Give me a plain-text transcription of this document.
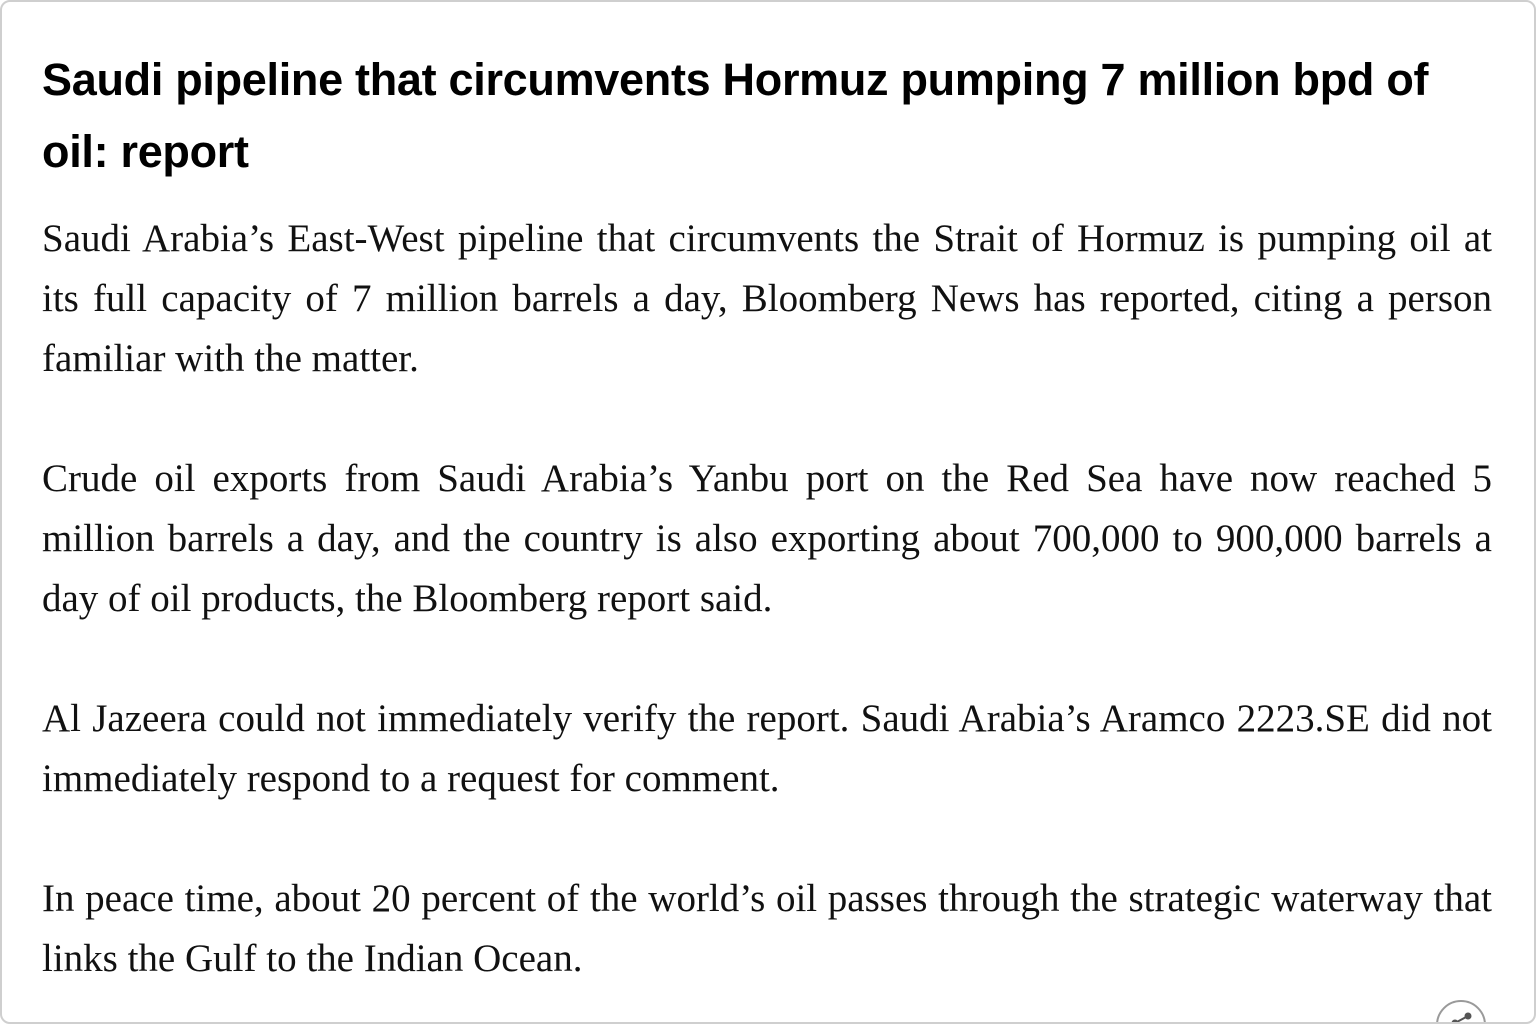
Saudi pipeline that circumvents Hormuz pumping 7 million bpd of oil: report

Saudi Arabia’s East-West pipeline that circumvents the Strait of Hormuz is pumping oil at its full capacity of 7 million barrels a day, Bloomberg News has reported, citing a person familiar with the matter.

Crude oil exports from Saudi Arabia’s Yanbu port on the Red Sea have now reached 5 million barrels a day, and the country is also exporting about 700,000 to 900,000 barrels a day of oil products, the Bloomberg report said.

Al Jazeera could not immediately verify the report. Saudi Arabia’s Aramco 2223.SE did not immediately respond to a request for comment.

In peace time, about 20 percent of the world’s oil passes through the strategic waterway that links the Gulf to the Indian Ocean.
